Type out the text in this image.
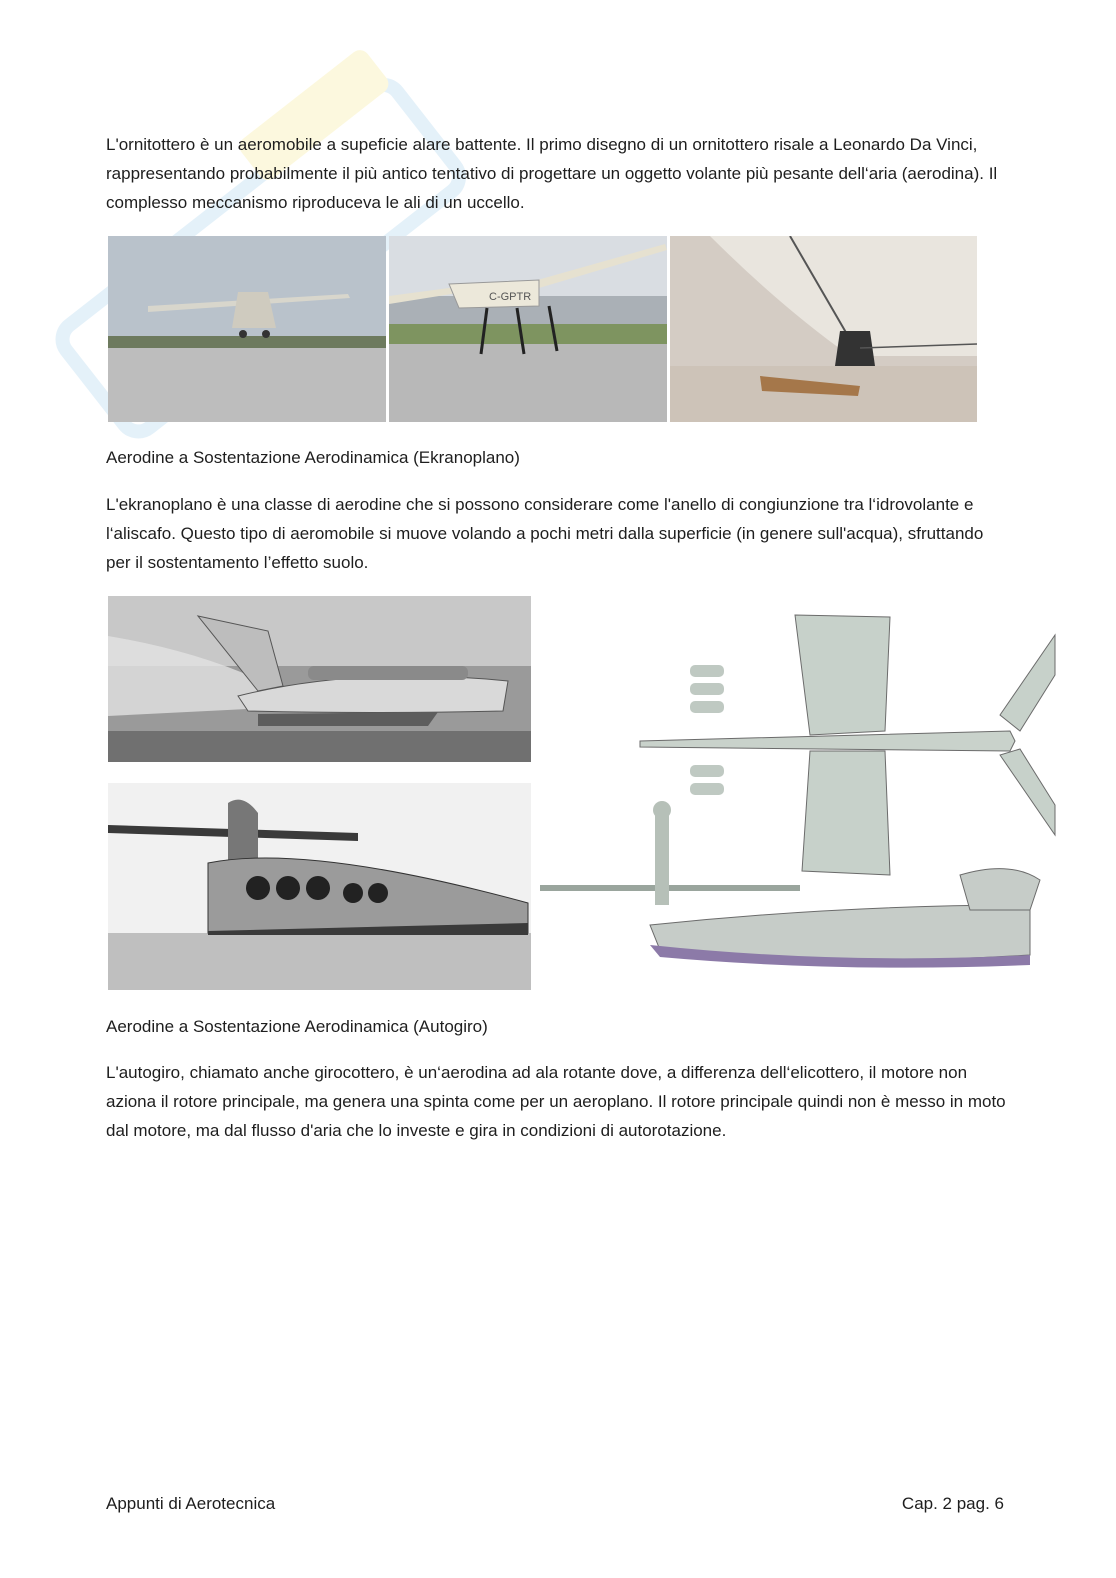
L'ornitottero è un aeromobile a supeficie alare battente. Il primo disegno di un ornitottero risale a Leonardo Da Vinci, rappresentando probabilmente il più antico tentativo di progettare un oggetto volante più pesante dell‘aria (aerodina). Il complesso meccanismo riproduceva le ali di un uccello.

C-GPTR

Aerodine a Sostentazione Aerodinamica (Ekranoplano)

L'ekranoplano è una classe di aerodine che si possono considerare come l'anello di congiunzione tra l‘idrovolante e l‘aliscafo. Questo tipo di aeromobile si muove volando a pochi metri dalla superficie (in genere sull'acqua), sfruttando per il sostentamento l’effetto suolo.

Aerodine a Sostentazione Aerodinamica (Autogiro)

L'autogiro, chiamato anche girocottero, è un‘aerodina ad ala rotante dove, a differenza dell‘elicottero, il motore non aziona il rotore principale, ma genera una spinta come per un aeroplano. Il rotore principale quindi non è messo in moto dal motore, ma dal flusso d'aria che lo investe e gira in condizioni di autorotazione.

Appunti di Aerotecnica	Cap. 2 pag. 6
